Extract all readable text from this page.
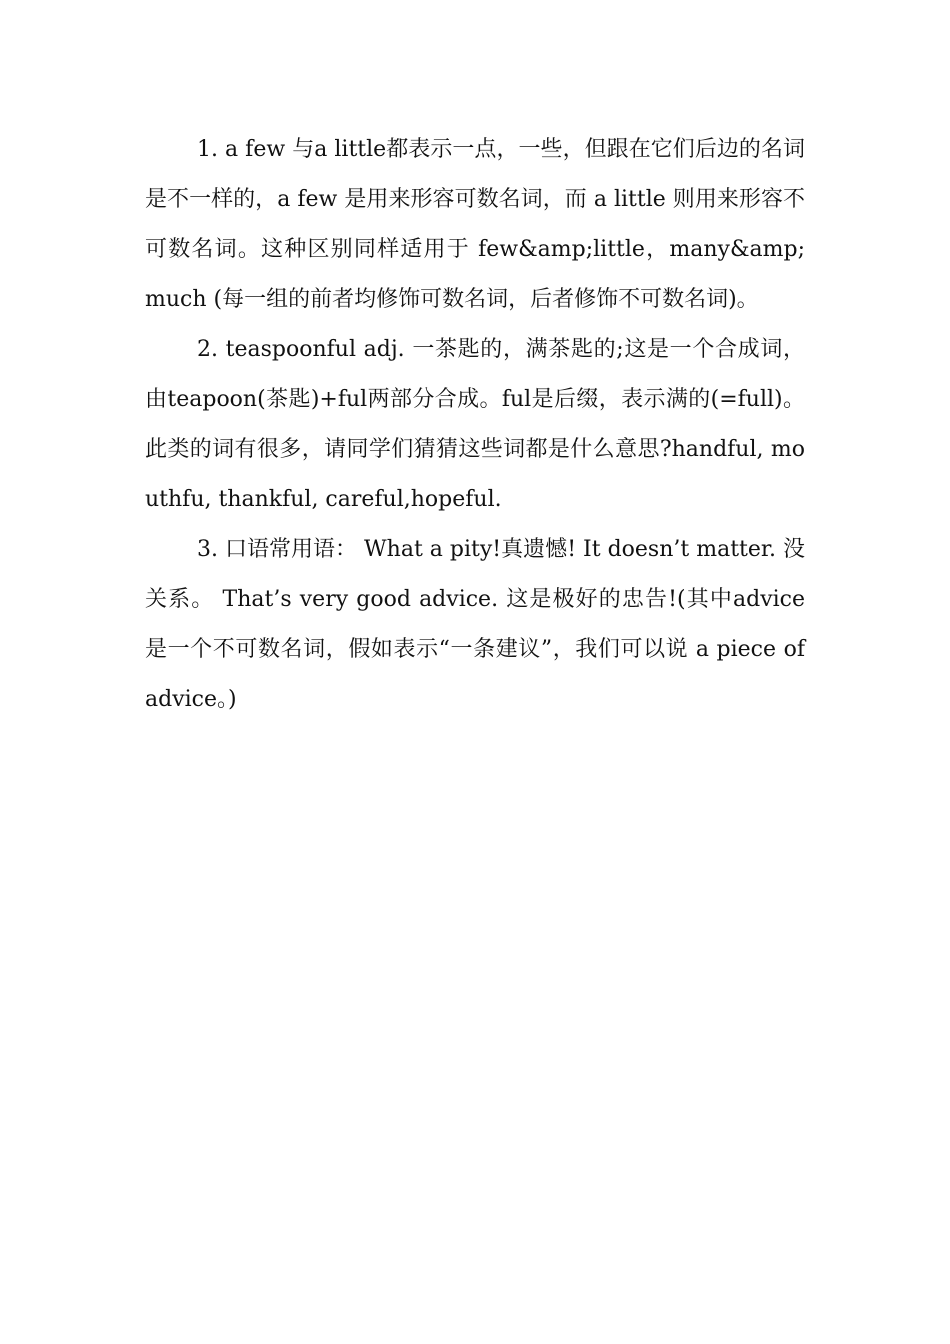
1. a few 与a little都表示一点，一些，但跟在它们后边的名词是不一样的，a few 是用来形容可数名词，而 a little 则用来形容不可数名词。这种区别同样适用于 few&amp;little，many&amp;much (每一组的前者均修饰可数名词，后者修饰不可数名词)。

2. teaspoonful adj. 一茶匙的，满茶匙的;这是一个合成词，由teapoon(茶匙)+ful两部分合成。ful是后缀，表示满的(=full)。此类的词有很多，请同学们猜猜这些词都是什么意思?handful, mouthfu, thankful, careful,hopeful.

3. 口语常用语： What a pity!真遗憾! It doesn’t matter. 没关系。 That’s very good advice. 这是极好的忠告!(其中advice 是一个不可数名词，假如表示“一条建议”，我们可以说 a piece of advice。)
